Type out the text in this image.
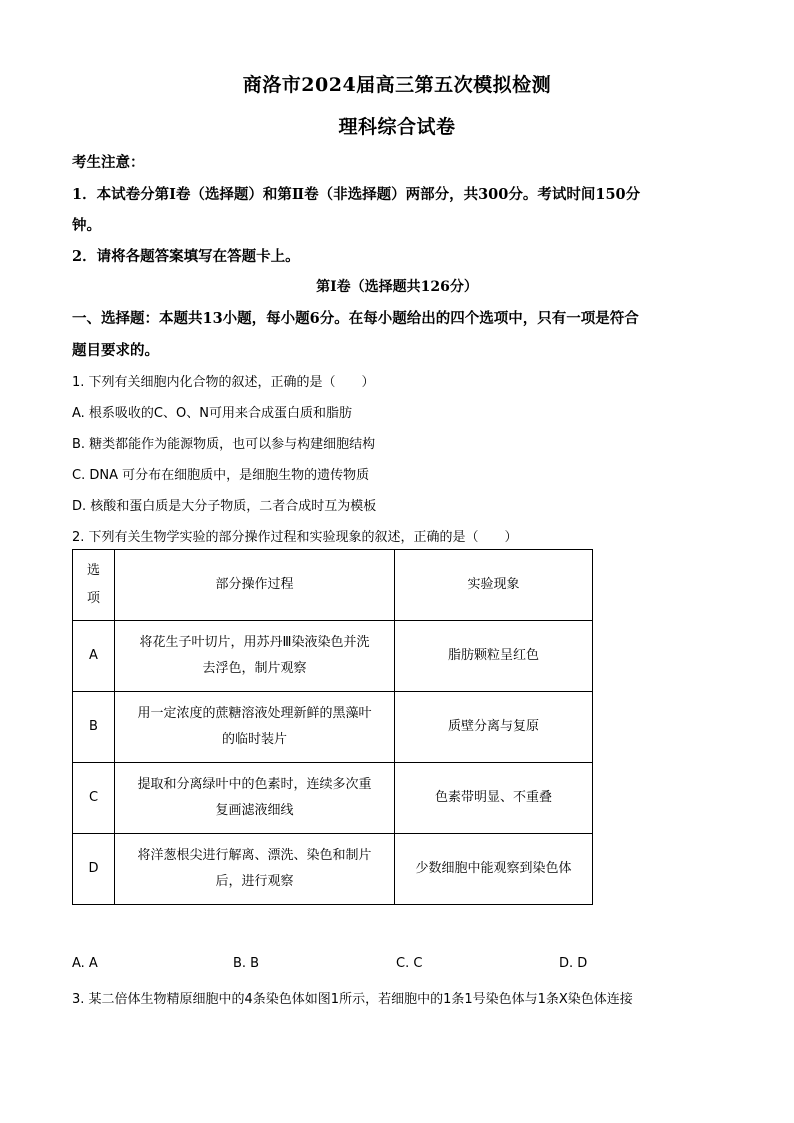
商洛市2024届高三第五次模拟检测
理科综合试卷
考生注意：
1．本试卷分第Ⅰ卷（选择题）和第Ⅱ卷（非选择题）两部分，共300分。考试时间150分
钟。
2．请将各题答案填写在答题卡上。
第Ⅰ卷（选择题共126分）
一、选择题：本题共13小题，每小题6分。在每小题给出的四个选项中，只有一项是符合
题目要求的。
1. 下列有关细胞内化合物的叙述，正确的是（　　）
A. 根系吸收的C、O、N可用来合成蛋白质和脂肪
B. 糖类都能作为能源物质，也可以参与构建细胞结构
C. DNA 可分布在细胞质中，是细胞生物的遗传物质
D. 核酸和蛋白质是大分子物质，二者合成时互为模板
2. 下列有关生物学实验的部分操作过程和实验现象的叙述，正确的是（　　）
选
项	部分操作过程	实验现象
A	将花生子叶切片，用苏丹Ⅲ染液染色并洗
去浮色，制片观察	脂肪颗粒呈红色
B	用一定浓度的蔗糖溶液处理新鲜的黑藻叶
的临时装片	质壁分离与复原
C	提取和分离绿叶中的色素时，连续多次重
复画滤液细线	色素带明显、不重叠
D	将洋葱根尖进行解离、漂洗、染色和制片
后，进行观察	少数细胞中能观察到染色体
A. A	B. B	C. C	D. D
3. 某二倍体生物精原细胞中的4条染色体如图1所示，若细胞中的1条1号染色体与1条X染色体连接
